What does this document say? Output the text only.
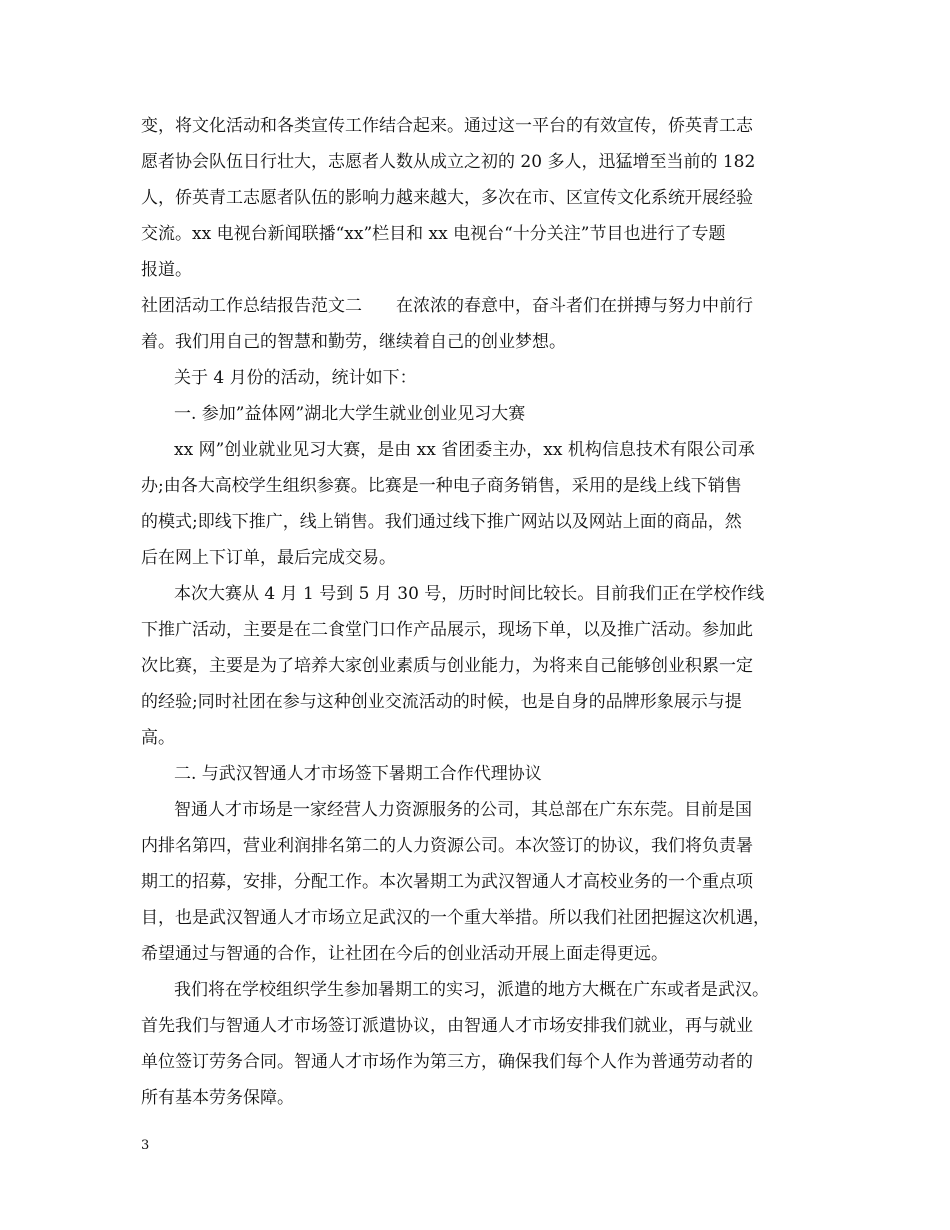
变，将文化活动和各类宣传工作结合起来。通过这一平台的有效宣传，侨英青工志
愿者协会队伍日行壮大，志愿者人数从成立之初的 20 多人，迅猛增至当前的 182
人，侨英青工志愿者队伍的影响力越来越大，多次在市、区宣传文化系统开展经验
交流。xx 电视台新闻联播“xx”栏目和 xx 电视台“十分关注”节目也进行了专题
报道。
社团活动工作总结报告范文二　　在浓浓的春意中，奋斗者们在拼搏与努力中前行
着。我们用自己的智慧和勤劳，继续着自己的创业梦想。
关于 4 月份的活动，统计如下：
一. 参加”益体网”湖北大学生就业创业见习大赛
xx 网”创业就业见习大赛，是由 xx 省团委主办，xx 机构信息技术有限公司承
办;由各大高校学生组织参赛。比赛是一种电子商务销售，采用的是线上线下销售
的模式;即线下推广，线上销售。我们通过线下推广网站以及网站上面的商品，然
后在网上下订单，最后完成交易。
本次大赛从 4 月 1 号到 5 月 30 号，历时时间比较长。目前我们正在学校作线
下推广活动，主要是在二食堂门口作产品展示，现场下单，以及推广活动。参加此
次比赛，主要是为了培养大家创业素质与创业能力，为将来自己能够创业积累一定
的经验;同时社团在参与这种创业交流活动的时候，也是自身的品牌形象展示与提
高。
二. 与武汉智通人才市场签下暑期工合作代理协议
智通人才市场是一家经营人力资源服务的公司，其总部在广东东莞。目前是国
内排名第四，营业利润排名第二的人力资源公司。本次签订的协议，我们将负责暑
期工的招募，安排，分配工作。本次暑期工为武汉智通人才高校业务的一个重点项
目，也是武汉智通人才市场立足武汉的一个重大举措。所以我们社团把握这次机遇，
希望通过与智通的合作，让社团在今后的创业活动开展上面走得更远。
我们将在学校组织学生参加暑期工的实习，派遣的地方大概在广东或者是武汉。
首先我们与智通人才市场签订派遣协议，由智通人才市场安排我们就业，再与就业
单位签订劳务合同。智通人才市场作为第三方，确保我们每个人作为普通劳动者的
所有基本劳务保障。
3
